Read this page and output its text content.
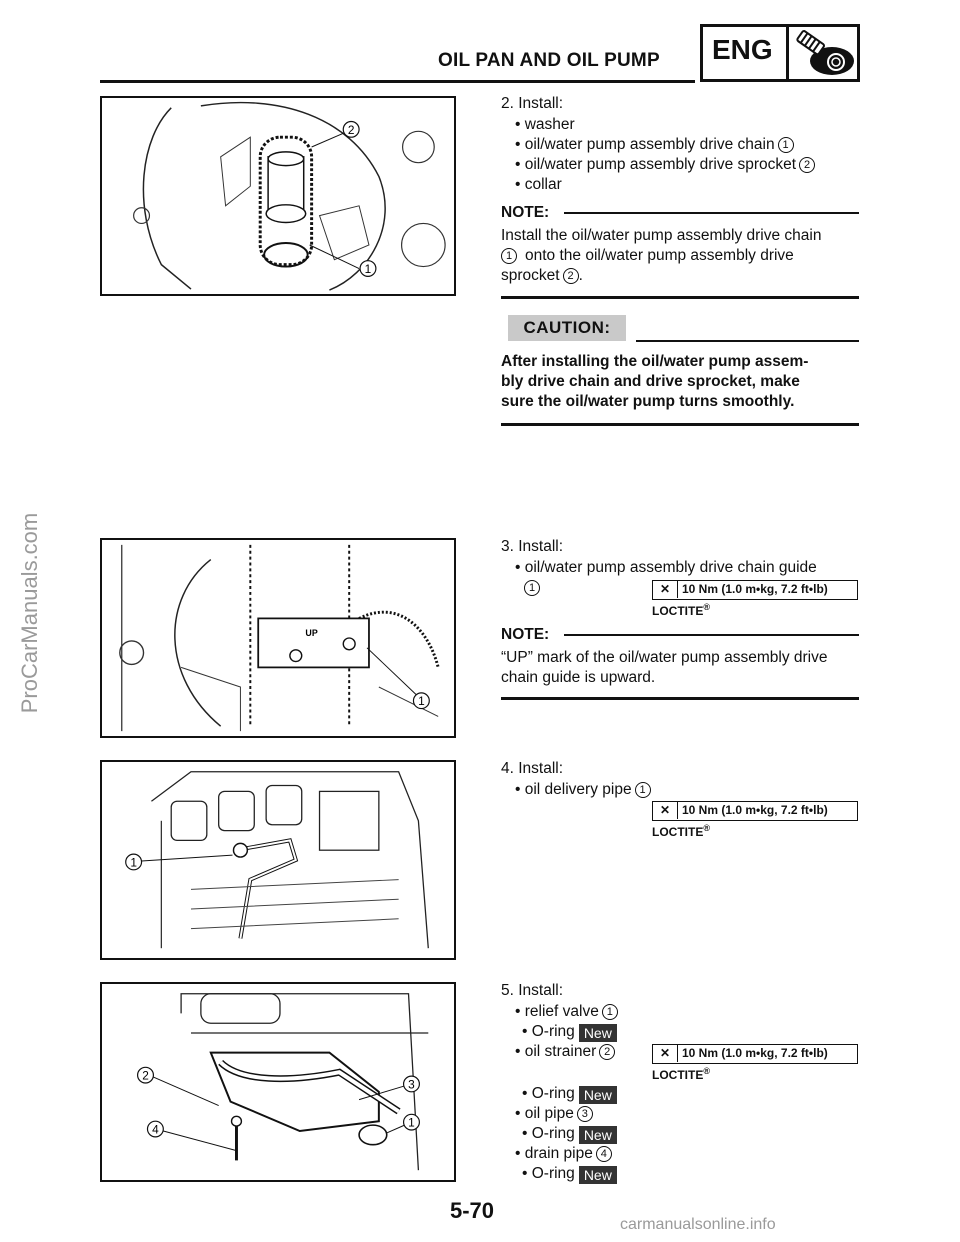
OIL PAN AND OIL PUMP ENG
ProCarManuals.com
2
1
2. Install:
• washer
• oil/water pump assembly drive chain 1
• oil/water pump assembly drive sprocket 2
• collar
NOTE:
Install the oil/water pump assembly drive chain
1 onto the oil/water pump assembly drive
sprocket 2 .
CAUTION:
After installing the oil/water pump assem-
bly drive chain and drive sprocket, make
sure the oil/water pump turns smoothly.
UP
1
3. Install:
• oil/water pump assembly drive chain guide
1	✕ 10 Nm (1.0 m•kg, 7.2 ft•lb)
LOCTITE®
NOTE:
“UP” mark of the oil/water pump assembly drive
chain guide is upward.
1
4. Install:
• oil delivery pipe 1
✕ 10 Nm (1.0 m•kg, 7.2 ft•lb)
LOCTITE®
2
3
4	1
5. Install:
• relief valve 1
• O-ring New
• oil strainer 2	✕ 10 Nm (1.0 m•kg, 7.2 ft•lb)
LOCTITE®
• O-ring New
• oil pipe 3
• O-ring New
• drain pipe 4
• O-ring New
5-70
carmanualsonline.info
